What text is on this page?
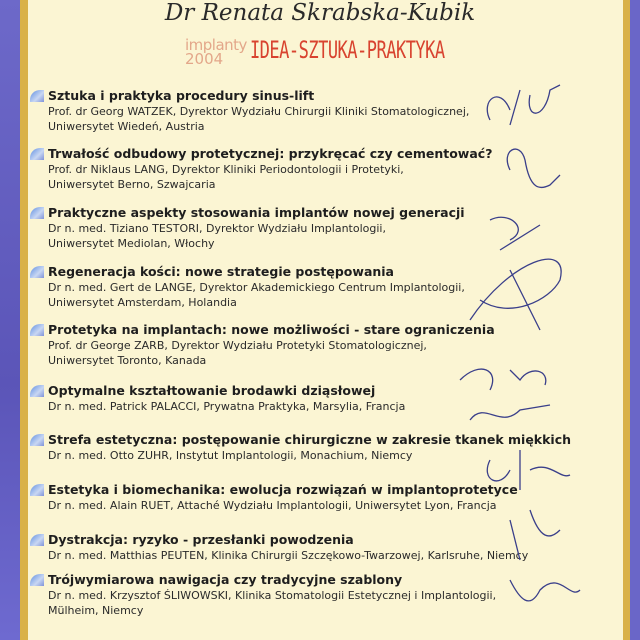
Dr Renata Skrabska-Kubik
implanty
2004	IDEA-SZTUKA-PRAKTYKA
Sztuka i praktyka procedury sinus-lift
Prof. dr Georg WATZEK, Dyrektor Wydziału Chirurgii Kliniki Stomatologicznej,
Uniwersytet Wiedeń, Austria
Trwałość odbudowy protetycznej: przykręcać czy cementować?
Prof. dr Niklaus LANG, Dyrektor Kliniki Periodontologii i Protetyki,
Uniwersytet Berno, Szwajcaria
Praktyczne aspekty stosowania implantów nowej generacji
Dr n. med. Tiziano TESTORI, Dyrektor Wydziału Implantologii,
Uniwersytet Mediolan, Włochy
Regeneracja kości: nowe strategie postępowania
Dr n. med. Gert de LANGE, Dyrektor Akademickiego Centrum Implantologii,
Uniwersytet Amsterdam, Holandia
Protetyka na implantach: nowe możliwości - stare ograniczenia
Prof. dr George ZARB, Dyrektor Wydziału Protetyki Stomatologicznej,
Uniwersytet Toronto, Kanada
Optymalne kształtowanie brodawki dziąsłowej
Dr n. med. Patrick PALACCI, Prywatna Praktyka, Marsylia, Francja
Strefa estetyczna: postępowanie chirurgiczne w zakresie tkanek miękkich
Dr n. med. Otto ZUHR, Instytut Implantologii, Monachium, Niemcy
Estetyka i biomechanika: ewolucja rozwiązań w implantoprotetyce
Dr n. med. Alain RUET, Attaché Wydziału Implantologii, Uniwersytet Lyon, Francja
Dystrakcja: ryzyko - przesłanki powodzenia
Dr n. med. Matthias PEUTEN, Klinika Chirurgii Szczękowo-Twarzowej, Karlsruhe, Niemcy
Trójwymiarowa nawigacja czy tradycyjne szablony
Dr n. med. Krzysztof ŚLIWOWSKI, Klinika Stomatologii Estetycznej i Implantologii,
Mülheim, Niemcy
